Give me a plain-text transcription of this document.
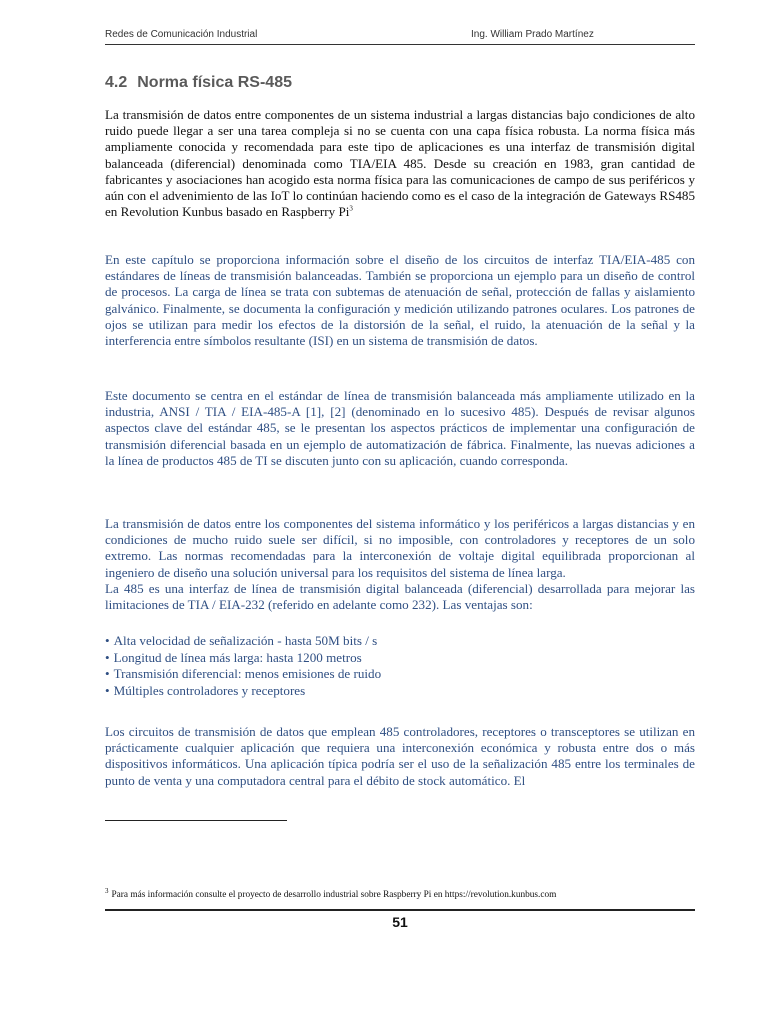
Redes de Comunicación Industrial	Ing. William Prado Martínez
4.2 Norma física RS-485

La transmisión de datos entre componentes de un sistema industrial a largas distancias bajo condiciones de alto ruido puede llegar a ser una tarea compleja si no se cuenta con una capa física robusta. La norma física más ampliamente conocida y recomendada para este tipo de aplicaciones es una interfaz de transmisión digital balanceada (diferencial) denominada como TIA/EIA 485. Desde su creación en 1983, gran cantidad de fabricantes y asociaciones han acogido esta norma física para las comunicaciones de campo de sus periféricos y aún con el advenimiento de las IoT lo continúan haciendo como es el caso de la integración de Gateways RS485 en Revolution Kunbus basado en Raspberry Pi$^3$

En este capítulo se proporciona información sobre el diseño de los circuitos de interfaz TIA/EIA-485 con estándares de líneas de transmisión balanceadas. También se proporciona un ejemplo para un diseño de control de procesos. La carga de línea se trata con subtemas de atenuación de señal, protección de fallas y aislamiento galvánico. Finalmente, se documenta la configuración y medición utilizando patrones oculares. Los patrones de ojos se utilizan para medir los efectos de la distorsión de la señal, el ruido, la atenuación de la señal y la interferencia entre símbolos resultante (ISI) en un sistema de transmisión de datos.

Este documento se centra en el estándar de línea de transmisión balanceada más ampliamente utilizado en la industria, ANSI / TIA / EIA-485-A [1], [2] (denominado en lo sucesivo 485). Después de revisar algunos aspectos clave del estándar 485, se le presentan los aspectos prácticos de implementar una configuración de transmisión diferencial basada en un ejemplo de automatización de fábrica. Finalmente, las nuevas adiciones a la línea de productos 485 de TI se discuten junto con su aplicación, cuando corresponda.

La transmisión de datos entre los componentes del sistema informático y los periféricos a largas distancias y en condiciones de mucho ruido suele ser difícil, si no imposible, con controladores y receptores de un solo extremo. Las normas recomendadas para la interconexión de voltaje digital equilibrada proporcionan al ingeniero de diseño una solución universal para los requisitos del sistema de línea larga.
La 485 es una interfaz de línea de transmisión digital balanceada (diferencial) desarrollada para mejorar las limitaciones de TIA / EIA-232 (referido en adelante como 232). Las ventajas son:
• Alta velocidad de señalización - hasta 50M bits / s
• Longitud de línea más larga: hasta 1200 metros
• Transmisión diferencial: menos emisiones de ruido
• Múltiples controladores y receptores

Los circuitos de transmisión de datos que emplean 485 controladores, receptores o transceptores se utilizan en prácticamente cualquier aplicación que requiera una interconexión económica y robusta entre dos o más dispositivos informáticos. Una aplicación típica podría ser el uso de la señalización 485 entre los terminales de punto de venta y una computadora central para el débito de stock automático. El

$^3$ Para más información consulte el proyecto de desarrollo industrial sobre Raspberry Pi en https://revolution.kunbus.com
51
